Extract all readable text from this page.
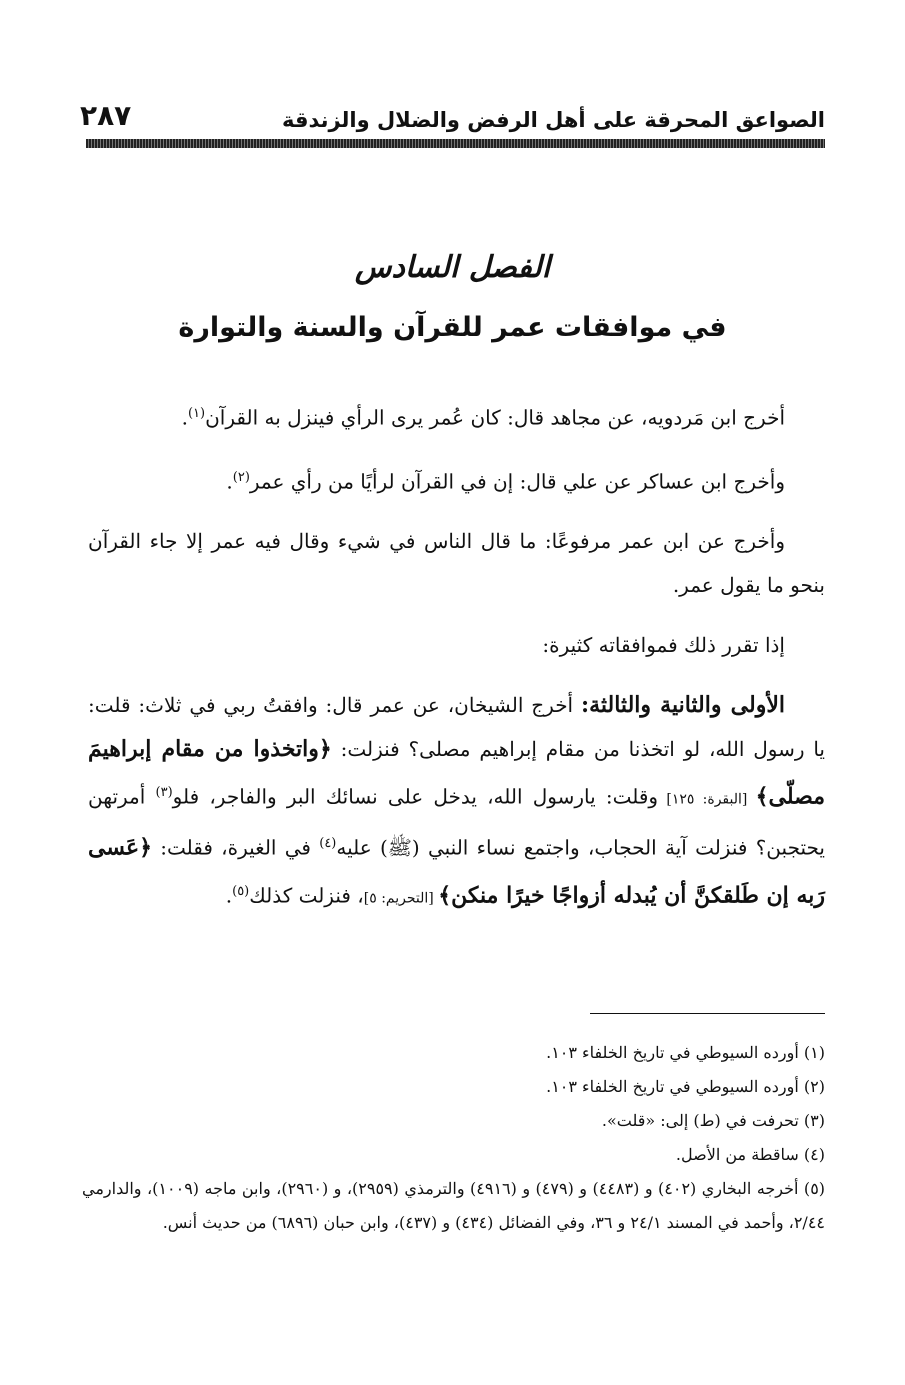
الصواعق المحرقة على أهل الرفض والضلال والزندقة
٢٨٧
الفصل السادس
في موافقات عمر للقرآن والسنة والتوارة

أخرج ابن مَردويه، عن مجاهد قال: كان عُمر يرى الرأي فينزل به القرآن$^{(١)}$.

وأخرج ابن عساكر عن علي قال: إن في القرآن لرأيًا من رأي عمر$^{(٢)}$.

وأخرج عن ابن عمر مرفوعًا: ما قال الناس في شيء وقال فيه عمر إلا جاء القرآن بنحو ما يقول عمر.

إذا تقرر ذلك فموافقاته كثيرة:

الأولى والثانية والثالثة: أخرج الشيخان، عن عمر قال: وافقتُ ربي في ثلاث: قلت: يا رسول الله، لو اتخذنا من مقام إبراهيم مصلى؟ فنزلت: ﴿واتخذوا من مقام إبراهيمَ مصلّى﴾ [البقرة: ١٢٥] وقلت: يارسول الله، يدخل على نسائك البر والفاجر، فلو$^{(٣)}$ أمرتهن يحتجبن؟ فنزلت آية الحجاب، واجتمع نساء النبي (ﷺ) عليه$^{(٤)}$ في الغيرة، فقلت: ﴿عَسى رَبه إن طَلقكنَّ أن يُبدله أزواجًا خيرًا منكن﴾ [التحريم: ٥]، فنزلت كذلك$^{(٥)}$.

(١) أورده السيوطي في تاريخ الخلفاء ١٠٣.

(٢) أورده السيوطي في تاريخ الخلفاء ١٠٣.

(٣) تحرفت في (ط) إلى: «قلت».

(٤) ساقطة من الأصل.

(٥) أخرجه البخاري (٤٠٢) و (٤٤٨٣) و (٤٧٩) و (٤٩١٦) والترمذي (٢٩٥٩)، و (٢٩٦٠)، وابن ماجه (١٠٠٩)، والدارمي ٢/٤٤، وأحمد في المسند ٢٤/١ و ٣٦، وفي الفضائل (٤٣٤) و (٤٣٧)، وابن حبان (٦٨٩٦) من حديث أنس.
